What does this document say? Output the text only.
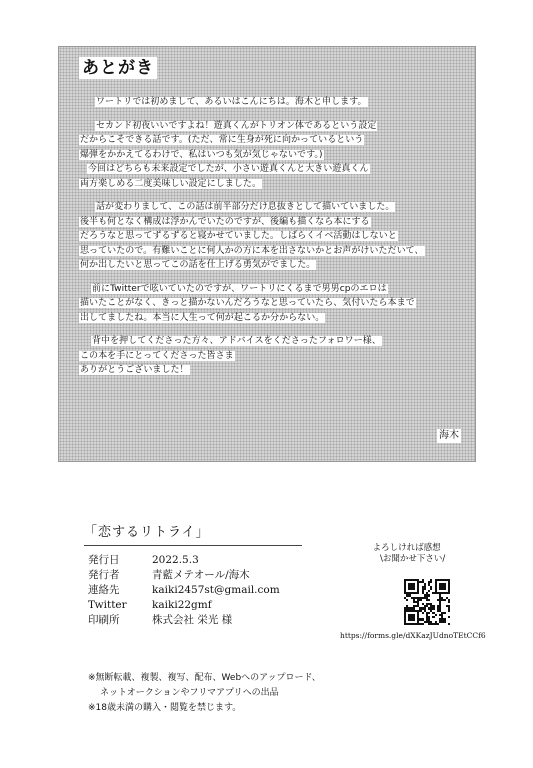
あとがき
ワートリでは初めまして、あるいはこんにちは。海木と申します。
セカンド初夜いいですよね！遊真くんがトリオン体であるという設定
だからこそできる話です。(ただ、常に生身が死に向かっているという
爆弾をかかえてるわけで、私はいつも気が気じゃないです。)
今回はどちらも未来設定でしたが、小さい遊真くんと大きい遊真くん
両方楽しめる二度美味しい設定にしました。
話が変わりまして、この話は前半部分だけ息抜きとして描いていました。
後半も何となく構成は浮かんでいたのですが、後編も描くなら本にする
だろうなと思ってずるずると寝かせていました。しばらくイベ活動はしないと
思っていたので。有難いことに何人かの方に本を出さないかとお声がけいただいて、
何か出したいと思ってこの話を仕上げる勇気がでました。
前にTwitterで呟いていたのですが、ワートリにくるまで男男cpのエロは
描いたことがなく、きっと描かないんだろうなと思っていたら、気付いたら本まで
出してましたね。本当に人生って何が起こるか分からない。
背中を押してくださった方々、アドバイスをくださったフォロワー様、
この本を手にとってくださった皆さま
ありがとうございました！
海木
「恋するリトライ」
発行日	2022.5.3
発行者	青藍メテオール/海木
連絡先	kaiki2457st@gmail.com
Twitter	kaiki22gmf
印刷所	株式会社 栄光 様
よろしければ感想
\お聞かせ下さい/
https://forms.gle/dXKazJUdnoTEtCCf6
※無断転載、複製、複写、配布、Webへのアップロード、
ネットオークションやフリマアプリへの出品
※18歳未満の購入・閲覧を禁じます。
